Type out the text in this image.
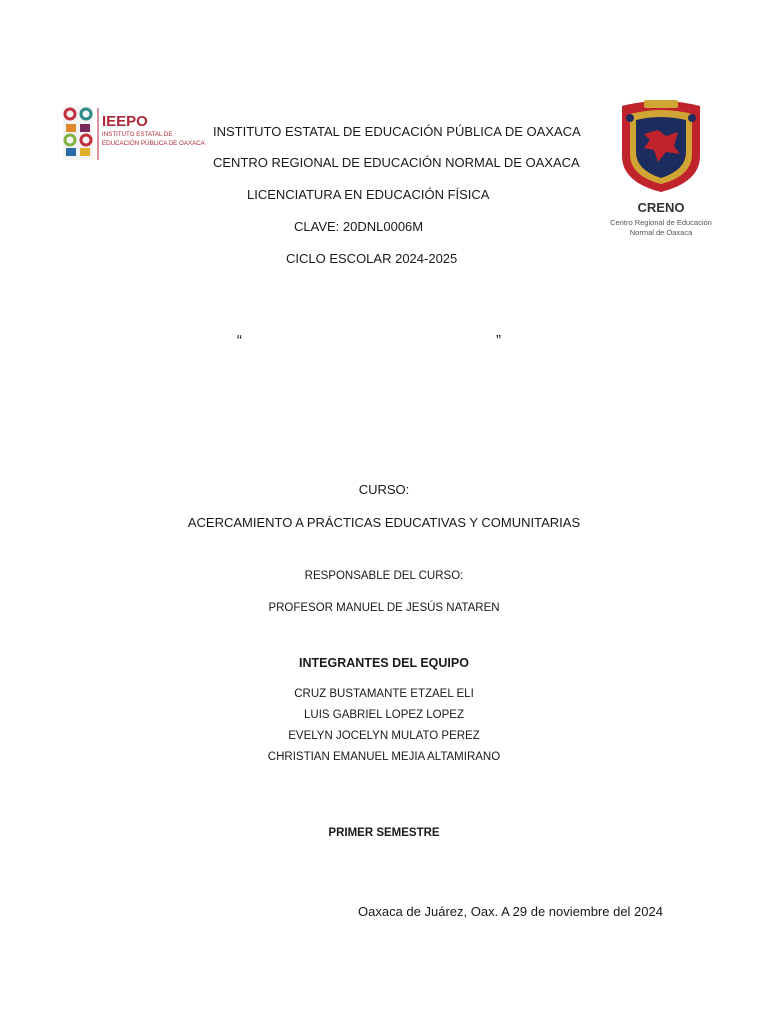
IEEPO
INSTITUTO ESTATAL DE
EDUCACIÓN PÚBLICA DE OAXACA
CRENO
Centro Regional de Educación
Normal de Oaxaca
INSTITUTO ESTATAL DE EDUCACIÓN PÚBLICA DE OAXACA
CENTRO REGIONAL DE EDUCACIÓN NORMAL DE OAXACA
LICENCIATURA EN EDUCACIÓN FÍSICA
CLAVE: 20DNL0006M
CICLO ESCOLAR 2024-2025
“	”
CURSO:
ACERCAMIENTO A PRÁCTICAS EDUCATIVAS Y COMUNITARIAS
RESPONSABLE DEL CURSO:
PROFESOR MANUEL DE JESÚS NATAREN
INTEGRANTES DEL EQUIPO
CRUZ BUSTAMANTE ETZAEL ELI
LUIS GABRIEL LOPEZ LOPEZ
EVELYN JOCELYN MULATO PEREZ
CHRISTIAN EMANUEL MEJIA ALTAMIRANO
PRIMER SEMESTRE
Oaxaca de Juárez, Oax. A 29 de noviembre del 2024
